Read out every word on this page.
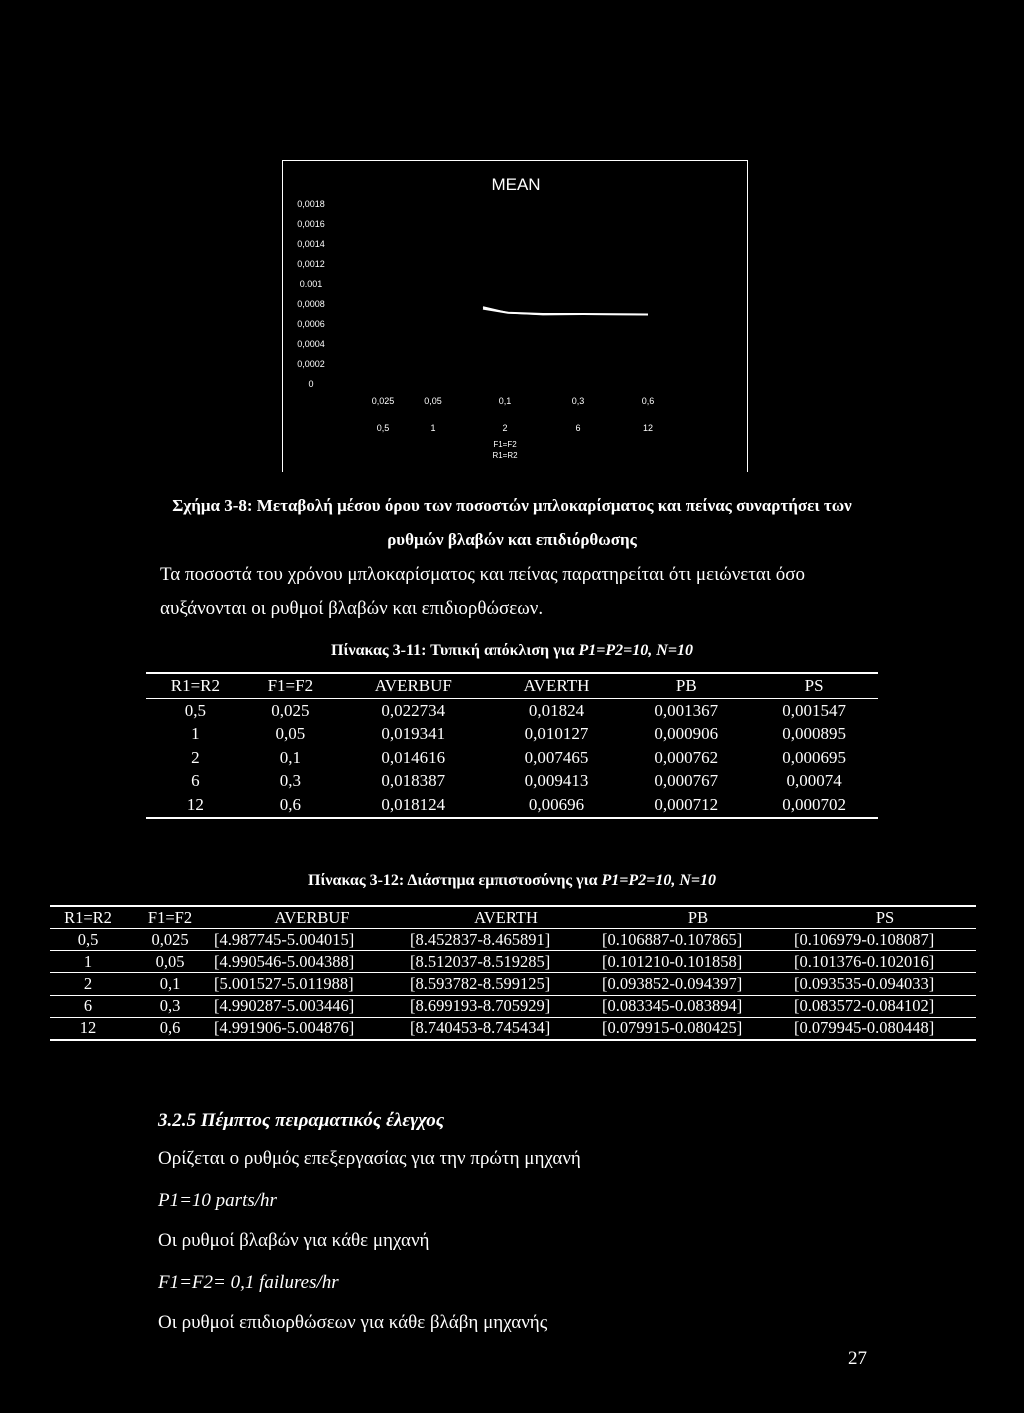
MEAN
0,0018
0,0016
0,0014
0,0012
0.001
0,0008
0,0006
0,0004
0,0002
0
0,025	0,05	0,1	0,3	0,6
0,5	1	2	6	12
F1=F2
R1=R2
Σχήμα 3-8: Μεταβολή μέσου όρου των ποσοστών μπλοκαρίσματος και πείνας συναρτήσει των
ρυθμών βλαβών και επιδιόρθωσης
Τα ποσοστά του χρόνου μπλοκαρίσματος και πείνας παρατηρείται ότι μειώνεται όσο
αυξάνονται οι ρυθμοί βλαβών και επιδιορθώσεων.
Πίνακας 3-11: Τυπική απόκλιση για P1=P2=10, N=10
R1=R2	F1=F2	AVERBUF	AVERTH	PB	PS
0,5	0,025	0,022734	0,01824	0,001367	0,001547
1	0,05	0,019341	0,010127	0,000906	0,000895
2	0,1	0,014616	0,007465	0,000762	0,000695
6	0,3	0,018387	0,009413	0,000767	0,00074
12	0,6	0,018124	0,00696	0,000712	0,000702
Πίνακας 3-12: Διάστημα εμπιστοσύνης για P1=P2=10, N=10
R1=R2	F1=F2	AVERBUF	AVERTH	PB	PS
0,5	0,025	[4.987745-5.004015]	[8.452837-8.465891]	[0.106887-0.107865]	[0.106979-0.108087]
1	0,05	[4.990546-5.004388]	[8.512037-8.519285]	[0.101210-0.101858]	[0.101376-0.102016]
2	0,1	[5.001527-5.011988]	[8.593782-8.599125]	[0.093852-0.094397]	[0.093535-0.094033]
6	0,3	[4.990287-5.003446]	[8.699193-8.705929]	[0.083345-0.083894]	[0.083572-0.084102]
12	0,6	[4.991906-5.004876]	[8.740453-8.745434]	[0.079915-0.080425]	[0.079945-0.080448]
3.2.5 Πέμπτος πειραματικός έλεγχος
Ορίζεται ο ρυθμός επεξεργασίας για την πρώτη μηχανή
P1=10 parts/hr
Οι ρυθμοί βλαβών για κάθε μηχανή
F1=F2= 0,1 failures/hr
Οι ρυθμοί επιδιορθώσεων για κάθε βλάβη μηχανής
27
